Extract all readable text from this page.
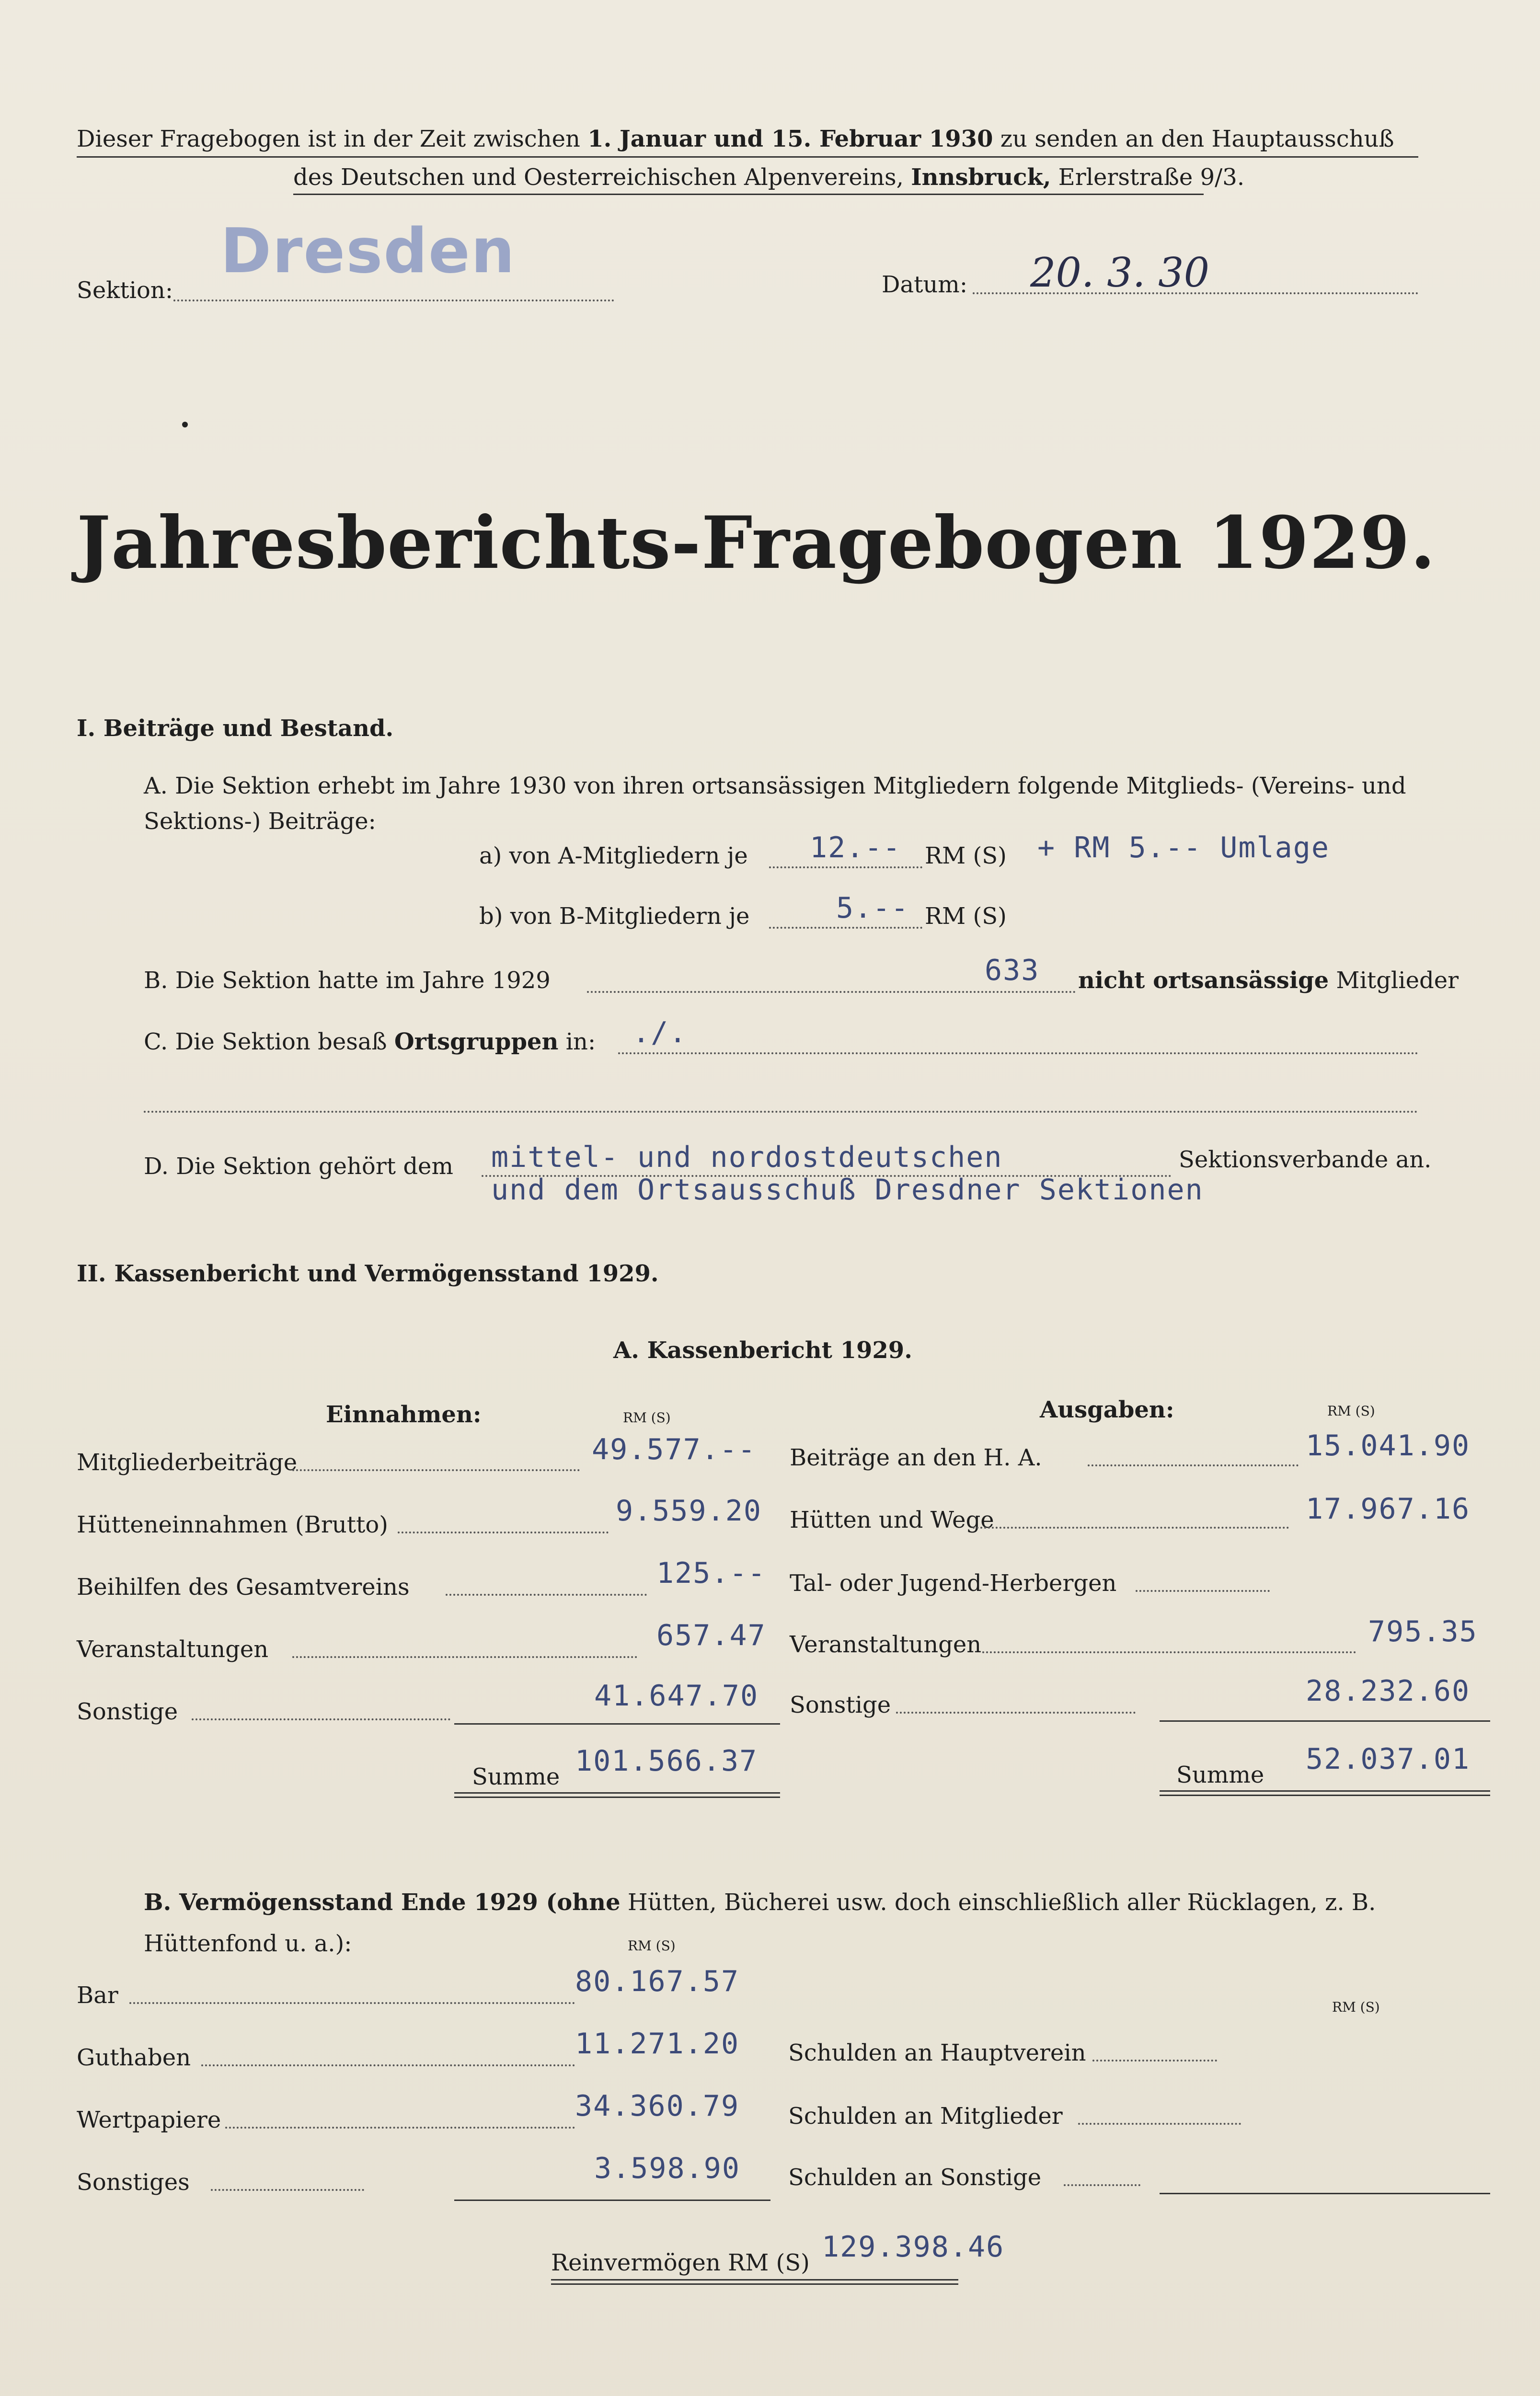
Dieser Fragebogen ist in der Zeit zwischen 1. Januar und 15. Februar 1930 zu senden an den Hauptausschuß
des Deutschen und Oesterreichischen Alpenvereins, Innsbruck, Erlerstraße 9/3.
Dresden
Sektion:	Datum: 20. 3. 30
Jahresberichts-Fragebogen 1929.
I. Beiträge und Bestand.
A. Die Sektion erhebt im Jahre 1930 von ihren ortsansässigen Mitgliedern folgende Mitglieds- (Vereins- und
Sektions-) Beiträge:
a) von A-Mitgliedern je 12.-- RM (S) + RM 5.-- Umlage
b) von B-Mitgliedern je	5.-- RM (S)
B. Die Sektion hatte im Jahre 1929	633 nicht ortsansässige Mitglieder
C. Die Sektion besaß Ortsgruppen in: ./.
D. Die Sektion gehört dem mittel- und nordostdeutschen	Sektionsverbande an.
und dem Ortsausschuß Dresdner Sektionen
II. Kassenbericht und Vermögensstand 1929.
A. Kassenbericht 1929.
Einnahmen:	RM (S)	Ausgaben:	RM (S)
Mitgliederbeiträge	49.577.--
Hütteneinnahmen (Brutto)	9.559.20
Beihilfen des Gesamtvereins	125.--
Veranstaltungen	657.47
Sonstige	41.647.70
Summe 101.566.37
Beiträge an den H. A.	15.041.90
Hütten und Wege	17.967.16
Tal- oder Jugend-Herbergen
Veranstaltungen	795.35
Sonstige	28.232.60
Summe 52.037.01
B. Vermögensstand Ende 1929 (ohne Hütten, Bücherei usw. doch einschließlich aller Rücklagen, z. B.
Hüttenfond u. a.):	RM (S)
RM (S)
Bar	80.167.57
Guthaben	11.271.20
Wertpapiere	34.360.79
Sonstiges	3.598.90
Schulden an Hauptverein
Schulden an Mitglieder
Schulden an Sonstige
Reinvermögen RM (S) 129.398.46
